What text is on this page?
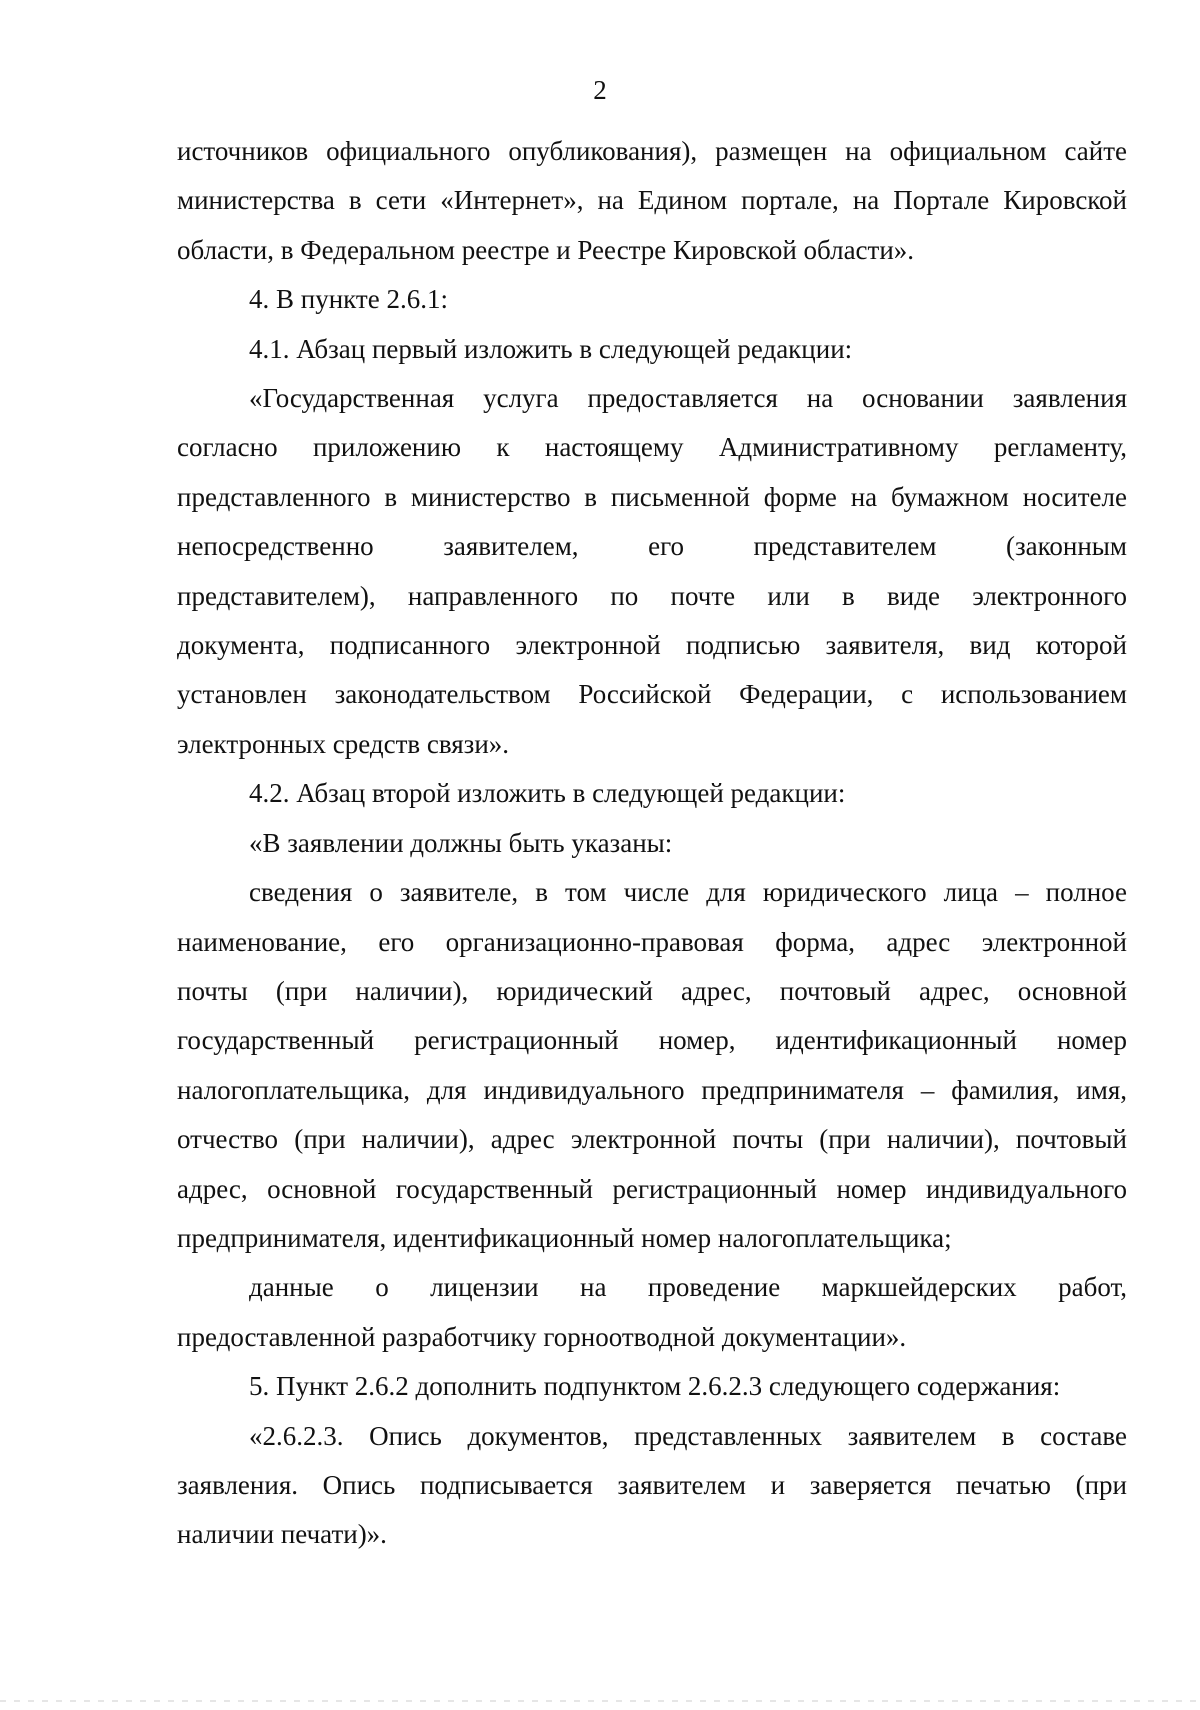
2
источников официального опубликования), размещен на официальном сайте
министерства в сети «Интернет», на Едином портале, на Портале Кировской
области, в Федеральном реестре и Реестре Кировской области».
4. В пункте 2.6.1:
4.1. Абзац первый изложить в следующей редакции:
«Государственная услуга предоставляется на основании заявления
согласно приложению к настоящему Административному регламенту,
представленного в министерство в письменной форме на бумажном носителе
непосредственно заявителем, его представителем (законным
представителем), направленного по почте или в виде электронного
документа, подписанного электронной подписью заявителя, вид которой
установлен законодательством Российской Федерации, с использованием
электронных средств связи».
4.2. Абзац второй изложить в следующей редакции:
«В заявлении должны быть указаны:
сведения о заявителе, в том числе для юридического лица – полное
наименование, его организационно-правовая форма, адрес электронной
почты (при наличии), юридический адрес, почтовый адрес, основной
государственный регистрационный номер, идентификационный номер
налогоплательщика, для индивидуального предпринимателя – фамилия, имя,
отчество (при наличии), адрес электронной почты (при наличии), почтовый
адрес, основной государственный регистрационный номер индивидуального
предпринимателя, идентификационный номер налогоплательщика;
данные о лицензии на проведение маркшейдерских работ,
предоставленной разработчику горноотводной документации».
5. Пункт 2.6.2 дополнить подпунктом 2.6.2.3 следующего содержания:
«2.6.2.3. Опись документов, представленных заявителем в составе
заявления. Опись подписывается заявителем и заверяется печатью (при
наличии печати)».
